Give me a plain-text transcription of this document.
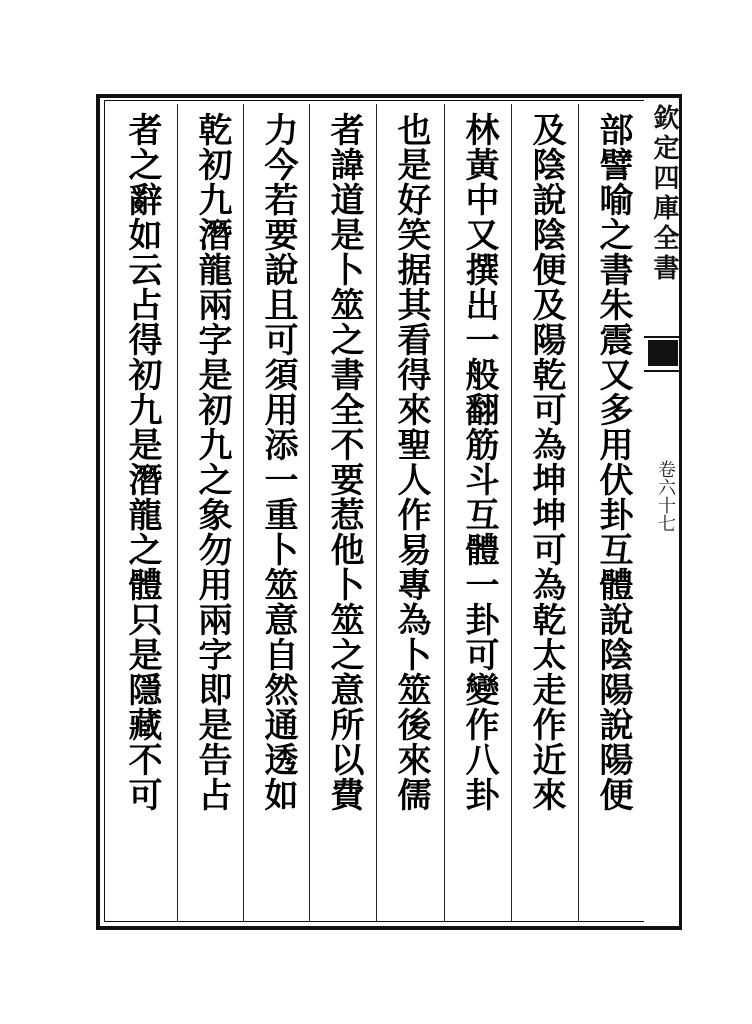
部譬喻之書朱震又多用伏卦互體說陰陽說陽便
及陰說陰便及陽乾可為坤坤可為乾太走作近來
林黃中又撰出一般翻筋斗互體一卦可變作八卦
也是好笑据其看得來聖人作易專為卜筮後來儒
者諱道是卜筮之書全不要惹他卜筮之意所以費
力今若要說且可須用添一重卜筮意自然通透如
乾初九潛龍兩字是初九之象勿用兩字即是告占
者之辭如云占得初九是潛龍之體只是隱藏不可	欽定四庫全書
卷六十七
